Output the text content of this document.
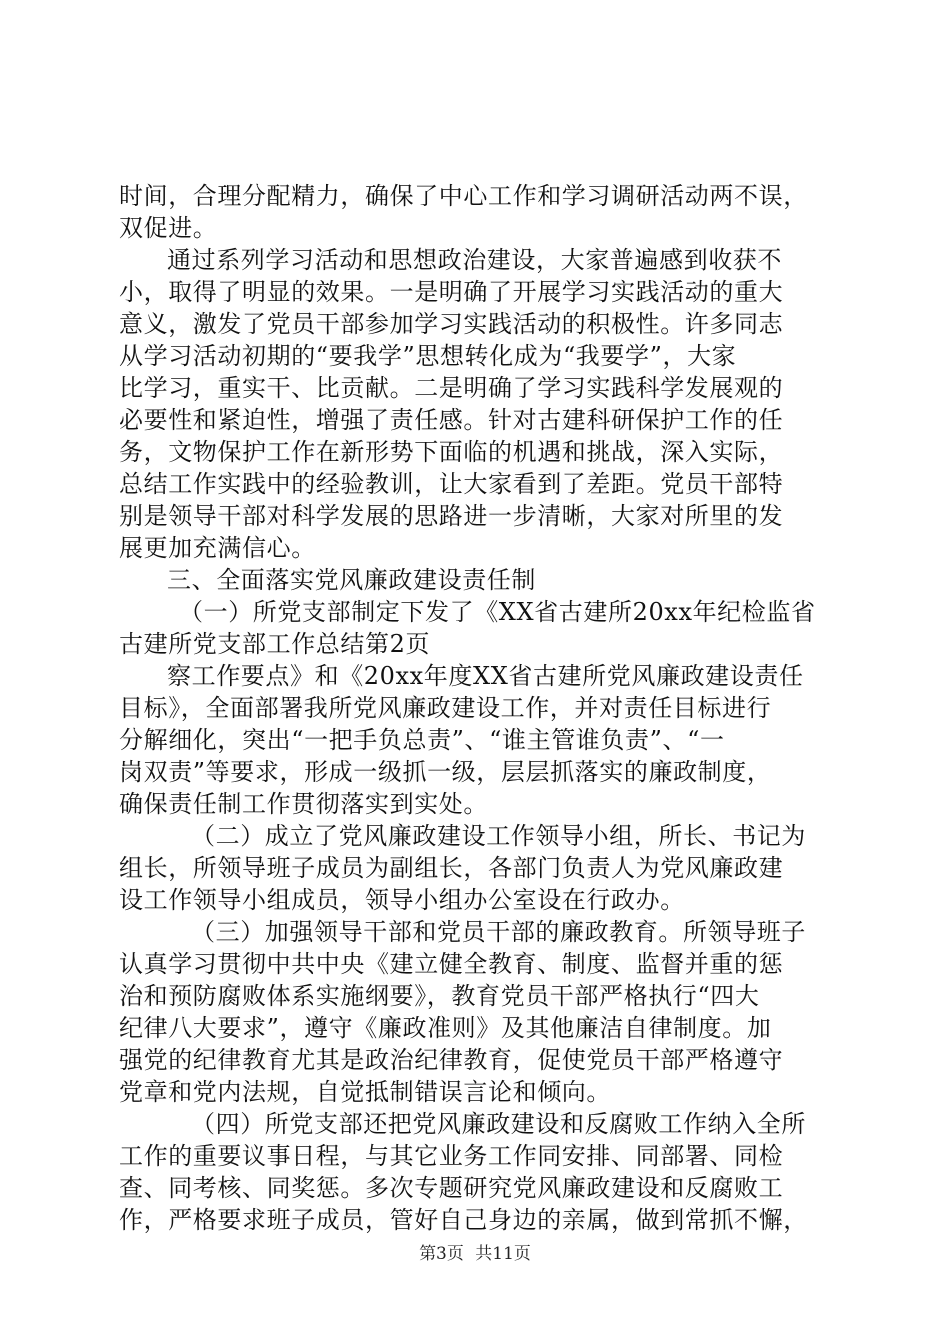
时间，合理分配精力，确保了中心工作和学习调研活动两不误，
双促进。
通过系列学习活动和思想政治建设，大家普遍感到收获不
小，取得了明显的效果。一是明确了开展学习实践活动的重大
意义，激发了党员干部参加学习实践活动的积极性。许多同志
从学习活动初期的“要我学”思想转化成为“我要学”，大家
比学习，重实干、比贡献。二是明确了学习实践科学发展观的
必要性和紧迫性，增强了责任感。针对古建科研保护工作的任
务，文物保护工作在新形势下面临的机遇和挑战，深入实际，
总结工作实践中的经验教训，让大家看到了差距。党员干部特
别是领导干部对科学发展的思路进一步清晰，大家对所里的发
展更加充满信心。
三、全面落实党风廉政建设责任制
（一）所党支部制定下发了《XX省古建所20xx年纪检监省
古建所党支部工作总结第2页
察工作要点》和《20xx年度XX省古建所党风廉政建设责任
目标》，全面部署我所党风廉政建设工作，并对责任目标进行
分解细化，突出“一把手负总责”、“谁主管谁负责”、“一
岗双责”等要求，形成一级抓一级，层层抓落实的廉政制度，
确保责任制工作贯彻落实到实处。
（二）成立了党风廉政建设工作领导小组，所长、书记为
组长，所领导班子成员为副组长，各部门负责人为党风廉政建
设工作领导小组成员，领导小组办公室设在行政办。
（三）加强领导干部和党员干部的廉政教育。所领导班子
认真学习贯彻中共中央《建立健全教育、制度、监督并重的惩
治和预防腐败体系实施纲要》，教育党员干部严格执行“四大
纪律八大要求”，遵守《廉政准则》及其他廉洁自律制度。加
强党的纪律教育尤其是政治纪律教育，促使党员干部严格遵守
党章和党内法规，自觉抵制错误言论和倾向。
（四）所党支部还把党风廉政建设和反腐败工作纳入全所
工作的重要议事日程，与其它业务工作同安排、同部署、同检
查、同考核、同奖惩。多次专题研究党风廉政建设和反腐败工
作，严格要求班子成员，管好自己身边的亲属，做到常抓不懈，
第3页 共11页
